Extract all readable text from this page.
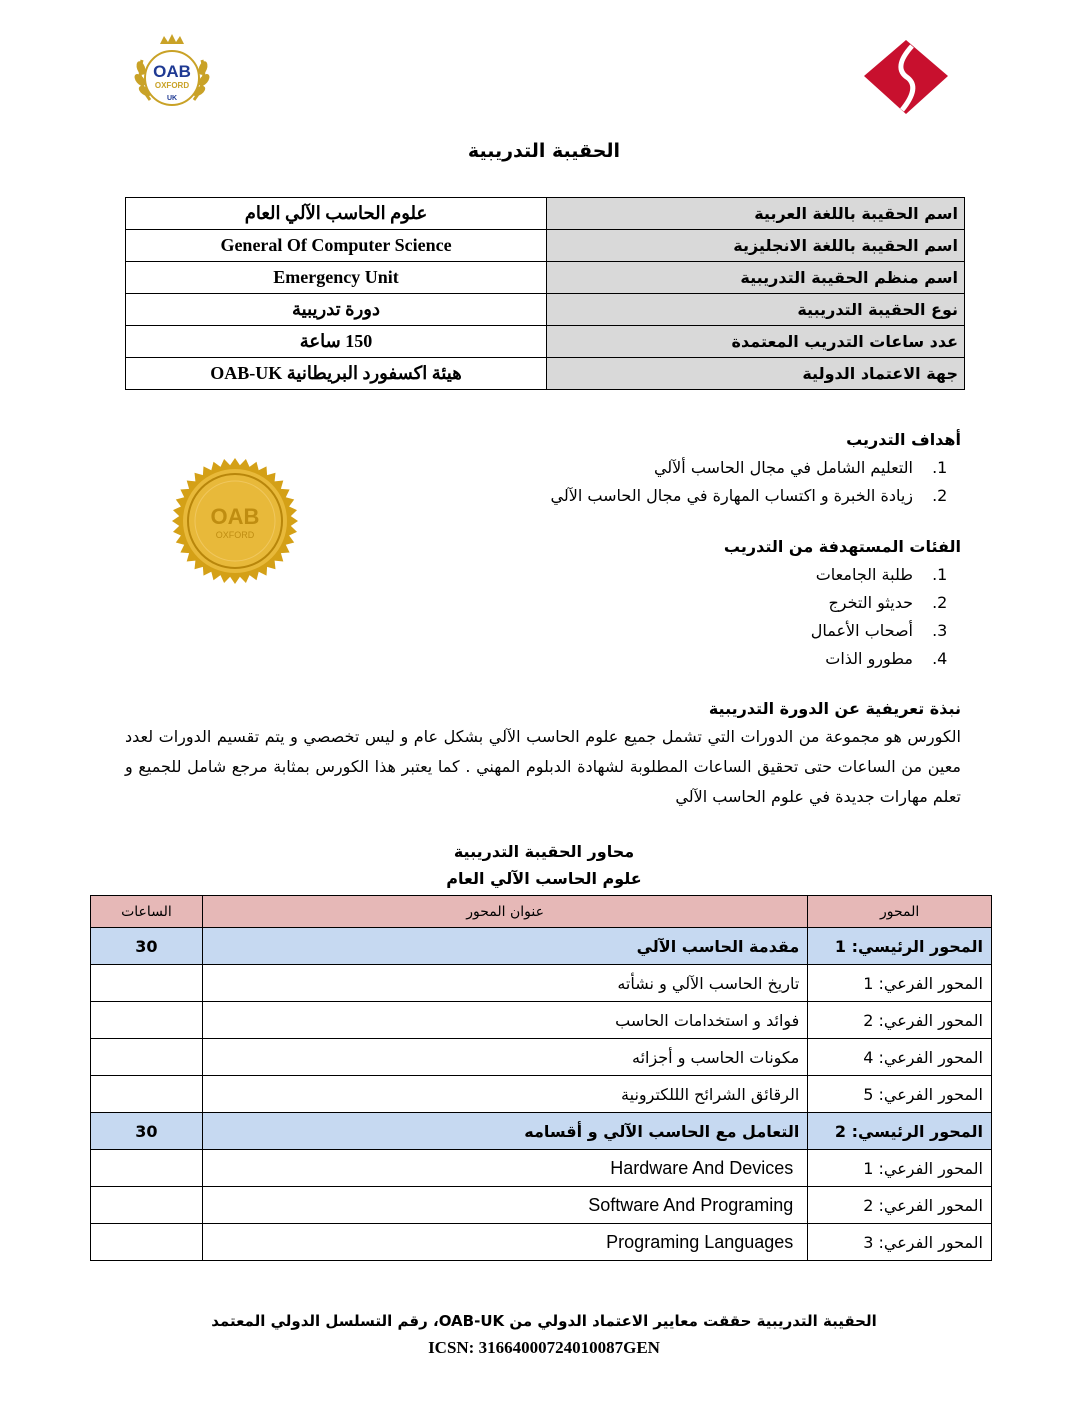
OAB
OXFORD
UK
OAB
OXFORD
الحقيبة التدريبية
اسم الحقيبة باللغة العربية	علوم الحاسب الآلي العام
اسم الحقيبة باللغة الانجليزية	General Of Computer Science
اسم منظم الحقيبة التدريبية	Emergency Unit
نوع الحقيبة التدريبية	دورة تدريبية
عدد ساعات التدريب المعتمدة	150 ساعة
جهة الاعتماد الدولية	هيئة اكسفورد البريطانية OAB-UK
أهداف التدريب
1. التعليم الشامل في مجال الحاسب ألآلي
2. زيادة الخبرة و اكتساب المهارة في مجال الحاسب الآلي
الفئات المستهدفة من التدريب
1. طلبة الجامعات
2. حديثو التخرج
3. أصحاب الأعمال
4. مطورو الذات
نبذة تعريفية عن الدورة التدريبية
الكورس هو مجموعة من الدورات التي تشمل جميع علوم الحاسب الآلي بشكل عام و ليس تخصصي و يتم تقسيم الدورات لعدد معين من الساعات حتى تحقيق الساعات المطلوبة لشهادة الدبلوم المهني . كما يعتبر هذا الكورس بمثابة مرجع شامل للجميع و تعلم مهارات جديدة في علوم الحاسب الآلي
محاور الحقيبة التدريبية
علوم الحاسب الآلي العام
المحور	عنوان المحور	الساعات
المحور الرئيسي: 1	مقدمة الحاسب الآلي	30
المحور الفرعي: 1	تاريخ الحاسب الآلي و نشأته	
المحور الفرعي: 2	فوائد و استخدامات الحاسب	
المحور الفرعي: 4	مكونات الحاسب و أجزائه	
المحور الفرعي: 5	الرقائق الشرائح الللكترونية	
المحور الرئيسي: 2	التعامل مع الحاسب الآلي و أقسامه	30
المحور الفرعي: 1	Hardware And Devices	
المحور الفرعي: 2	Software And Programing	
المحور الفرعي: 3	Programing Languages	
الحقيبة التدريبية حققت معايير الاعتماد الدولي من OAB-UK، رقم التسلسل الدولي المعتمد
ICSN: 31664000724010087GEN
